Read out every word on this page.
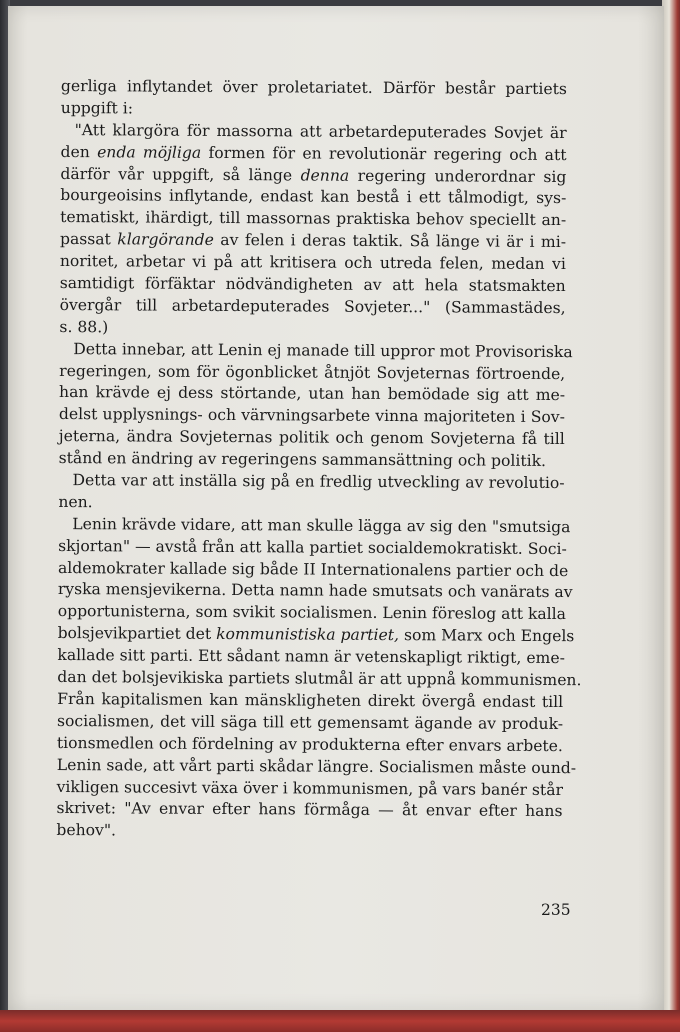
gerliga inflytandet över proletariatet. Därför består partiets
uppgift i:
"Att klargöra för massorna att arbetardeputerades Sovjet är
den enda möjliga formen för en revolutionär regering och att
därför vår uppgift, så länge denna regering underordnar sig
bourgeoisins inflytande, endast kan bestå i ett tålmodigt, sys-
tematiskt, ihärdigt, till massornas praktiska behov speciellt an-
passat klargörande av felen i deras taktik. Så länge vi är i mi-
noritet, arbetar vi på att kritisera och utreda felen, medan vi
samtidigt förfäktar nödvändigheten av att hela statsmakten
övergår till arbetardeputerades Sovjeter..." (Sammastädes,
s. 88.)
Detta innebar, att Lenin ej manade till uppror mot Provisoriska
regeringen, som för ögonblicket åtnjöt Sovjeternas förtroende,
han krävde ej dess störtande, utan han bemödade sig att me-
delst upplysnings- och värvningsarbete vinna majoriteten i Sov-
jeterna, ändra Sovjeternas politik och genom Sovjeterna få till
stånd en ändring av regeringens sammansättning och politik.
Detta var att inställa sig på en fredlig utveckling av revolutio-
nen.
Lenin krävde vidare, att man skulle lägga av sig den "smutsiga
skjortan" — avstå från att kalla partiet socialdemokratiskt. Soci-
aldemokrater kallade sig både II Internationalens partier och de
ryska mensjevikerna. Detta namn hade smutsats och vanärats av
opportunisterna, som svikit socialismen. Lenin föreslog att kalla
bolsjevikpartiet det kommunistiska partiet, som Marx och Engels
kallade sitt parti. Ett sådant namn är vetenskapligt riktigt, eme-
dan det bolsjevikiska partiets slutmål är att uppnå kommunismen.
Från kapitalismen kan mänskligheten direkt övergå endast till
socialismen, det vill säga till ett gemensamt ägande av produk-
tionsmedlen och fördelning av produkterna efter envars arbete.
Lenin sade, att vårt parti skådar längre. Socialismen måste ound-
vikligen succesivt växa över i kommunismen, på vars banér står
skrivet: "Av envar efter hans förmåga — åt envar efter hans
behov".
235
